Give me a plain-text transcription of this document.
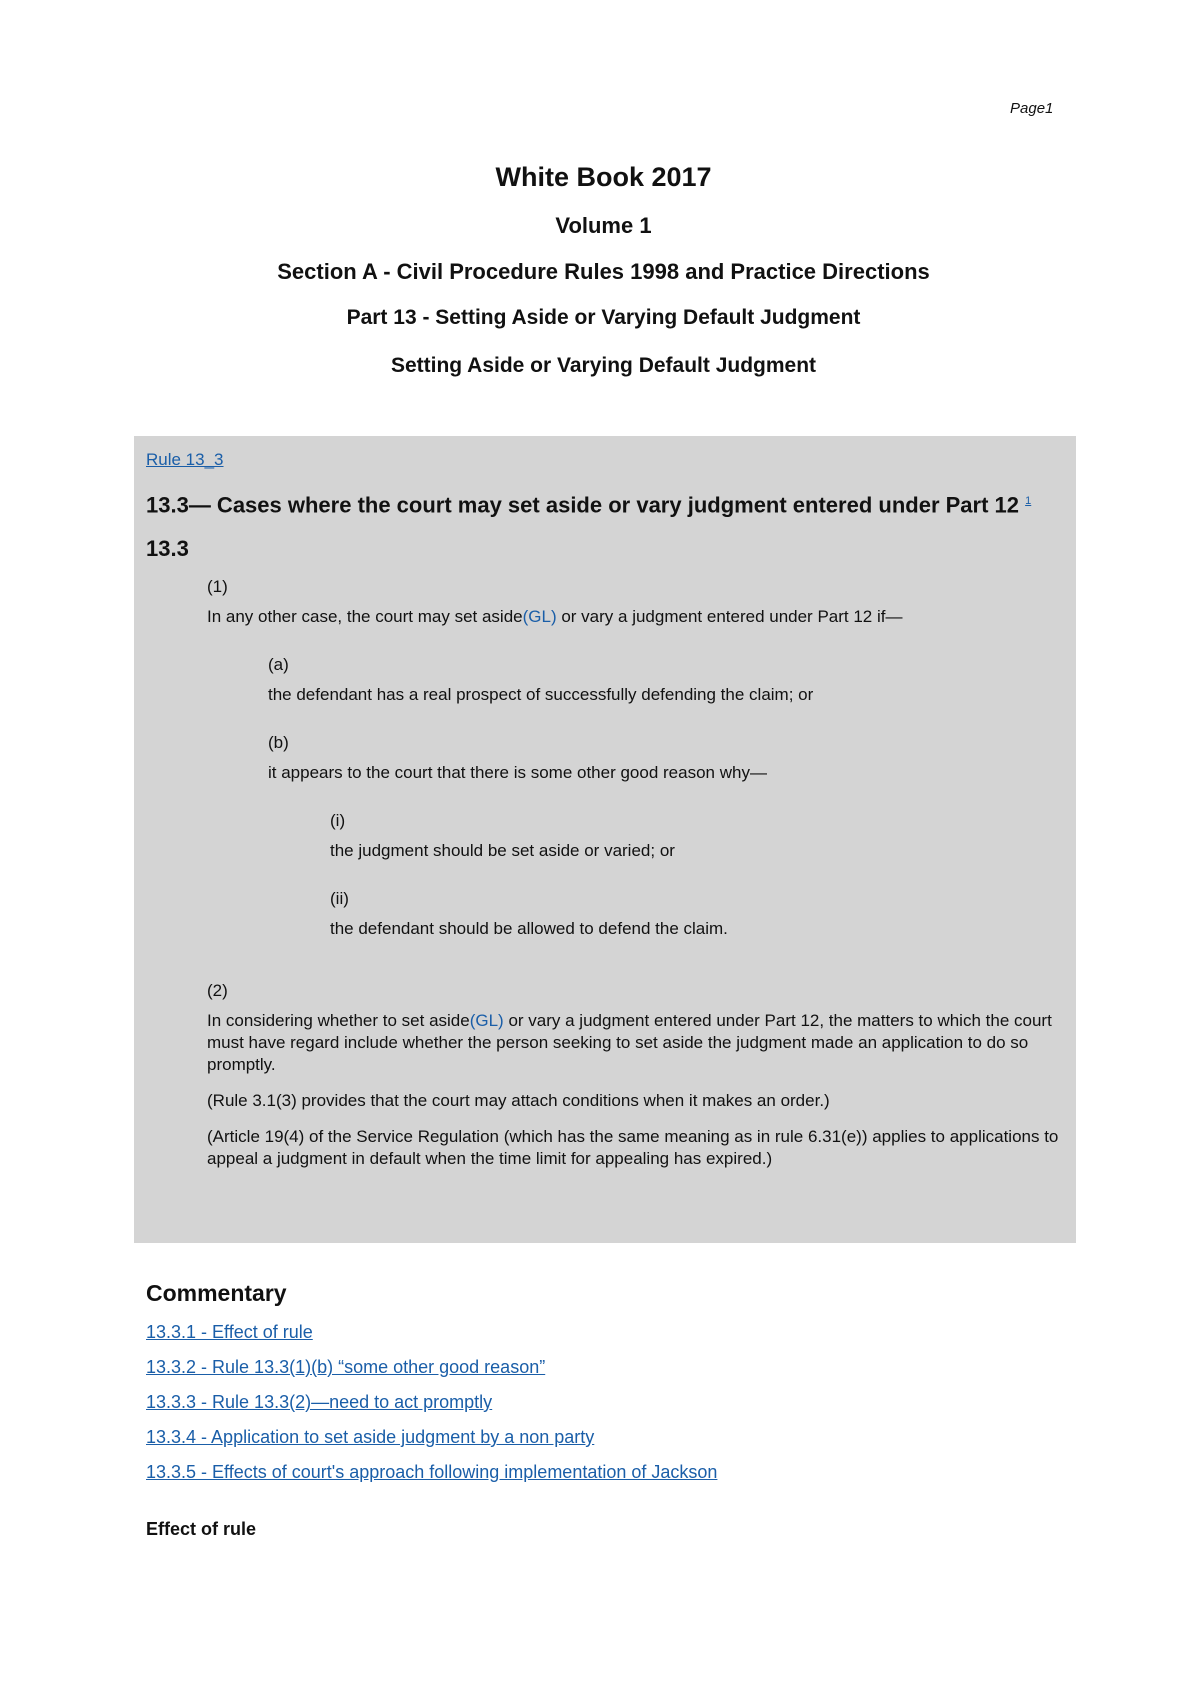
Page1
White Book 2017
Volume 1
Section A - Civil Procedure Rules 1998 and Practice Directions
Part 13 - Setting Aside or Varying Default Judgment
Setting Aside or Varying Default Judgment
Rule 13_3
13.3— Cases where the court may set aside or vary judgment entered under Part 12 $^1$
13.3
(1)
In any other case, the court may set aside(GL) or vary a judgment entered under Part 12 if—
(a)
the defendant has a real prospect of successfully defending the claim; or
(b)
it appears to the court that there is some other good reason why—
(i)
the judgment should be set aside or varied; or
(ii)
the defendant should be allowed to defend the claim.
(2)
In considering whether to set aside(GL) or vary a judgment entered under Part 12, the matters to which the court must have regard include whether the person seeking to set aside the judgment made an application to do so promptly.
(Rule 3.1(3) provides that the court may attach conditions when it makes an order.)
(Article 19(4) of the Service Regulation (which has the same meaning as in rule 6.31(e)) applies to applications to appeal a judgment in default when the time limit for appealing has expired.)
Commentary
13.3.1 - Effect of rule
13.3.2 - Rule 13.3(1)(b) “some other good reason”
13.3.3 - Rule 13.3(2)—need to act promptly
13.3.4 - Application to set aside judgment by a non party
13.3.5 - Effects of court's approach following implementation of Jackson
Effect of rule
